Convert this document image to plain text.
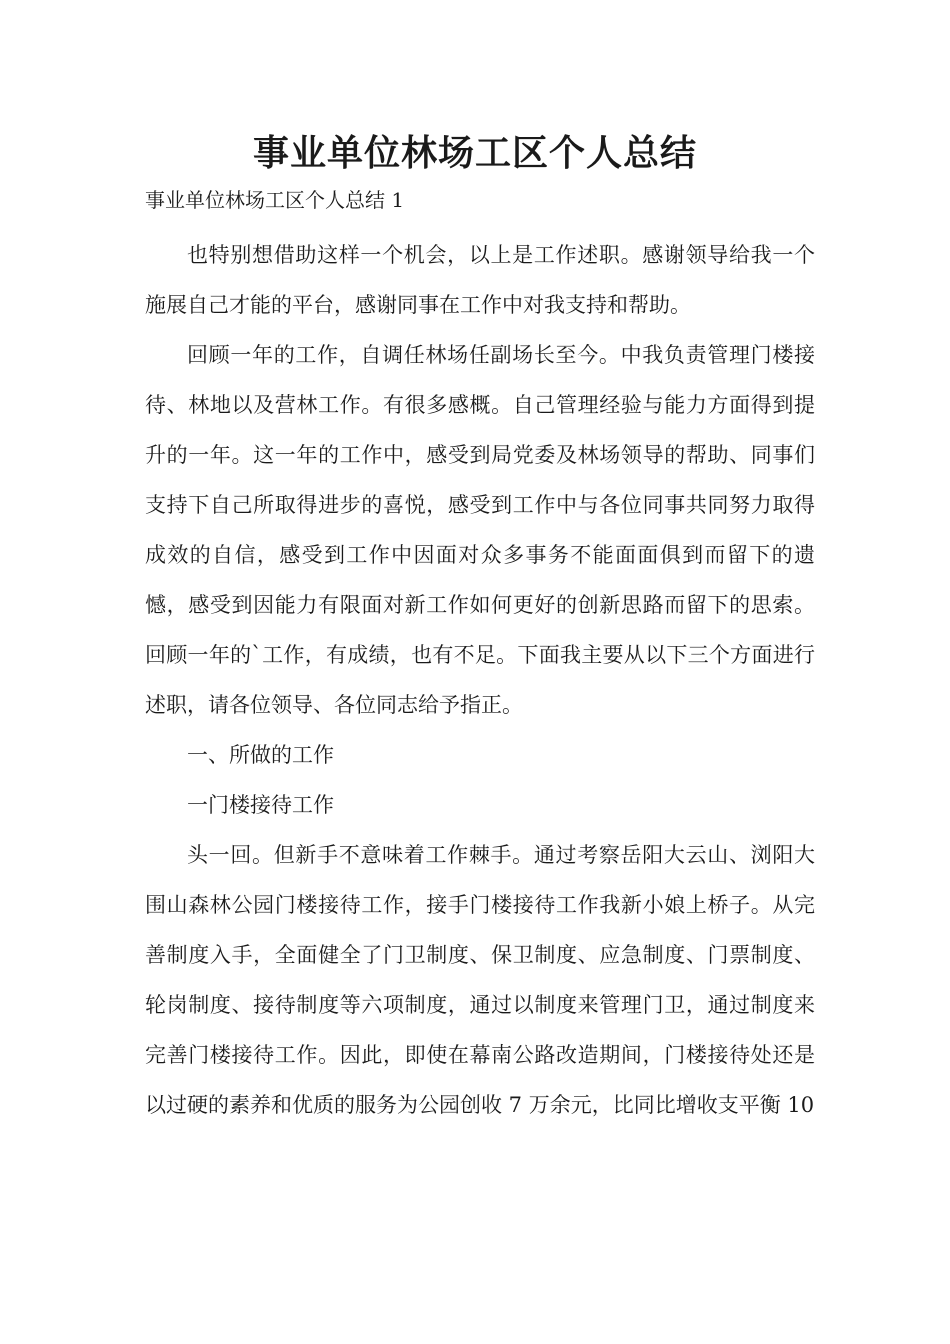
事业单位林场工区个人总结
事业单位林场工区个人总结 1

也特别想借助这样一个机会，以上是工作述职。感谢领导给我一个施展自己才能的平台，感谢同事在工作中对我支持和帮助。

回顾一年的工作，自调任林场任副场长至今。中我负责管理门楼接待、林地以及营林工作。有很多感概。自己管理经验与能力方面得到提升的一年。这一年的工作中，感受到局党委及林场领导的帮助、同事们支持下自己所取得进步的喜悦，感受到工作中与各位同事共同努力取得成效的自信，感受到工作中因面对众多事务不能面面俱到而留下的遗憾，感受到因能力有限面对新工作如何更好的创新思路而留下的思索。回顾一年的`工作，有成绩，也有不足。下面我主要从以下三个方面进行述职，请各位领导、各位同志给予指正。

一、所做的工作

一门楼接待工作

头一回。但新手不意味着工作棘手。通过考察岳阳大云山、浏阳大围山森林公园门楼接待工作，接手门楼接待工作我新小娘上桥子。从完善制度入手，全面健全了门卫制度、保卫制度、应急制度、门票制度、轮岗制度、接待制度等六项制度，通过以制度来管理门卫，通过制度来完善门楼接待工作。因此，即使在幕南公路改造期间，门楼接待处还是以过硬的素养和优质的服务为公园创收 7 万余元，比同比增收支平衡 10
